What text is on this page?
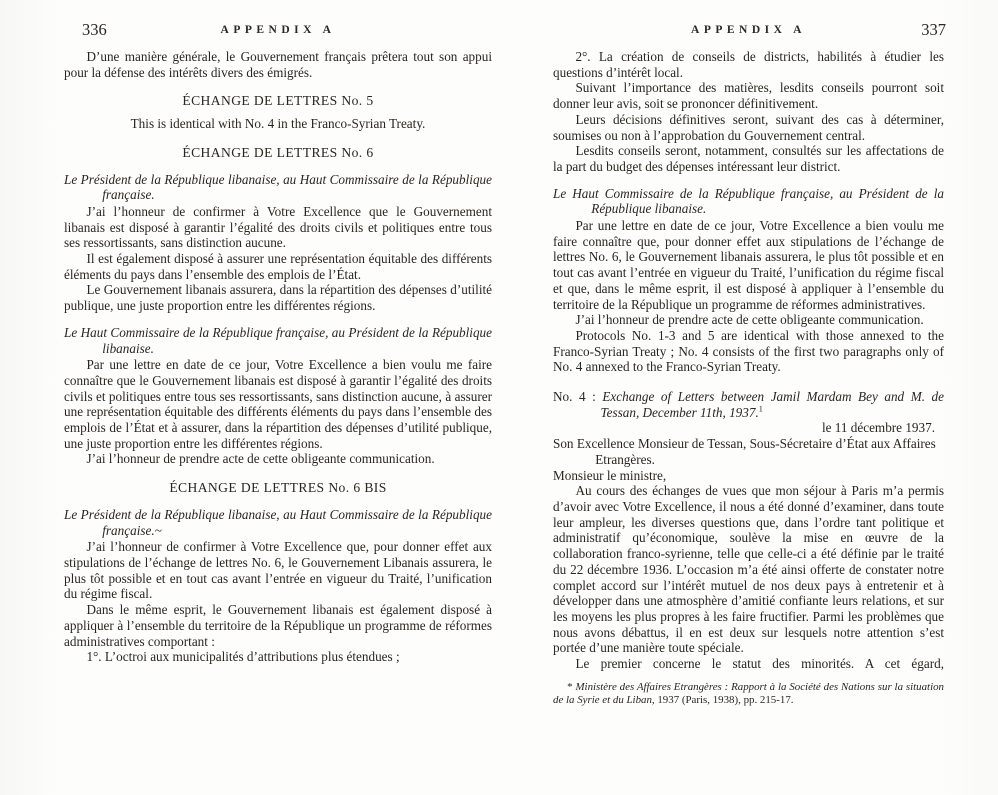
336	APPENDIX A
D’une manière générale, le Gouvernement français prêtera tout son appui pour la défense des intérêts divers des émigrés.
ÉCHANGE DE LETTRES No. 5
This is identical with No. 4 in the Franco-Syrian Treaty.
ÉCHANGE DE LETTRES No. 6
Le Président de la République libanaise, au Haut Commissaire de la République française.
J’ai l’honneur de confirmer à Votre Excellence que le Gouvernement libanais est disposé à garantir l’égalité des droits civils et politiques entre tous ses ressortissants, sans distinction aucune.
Il est également disposé à assurer une représentation équitable des différents éléments du pays dans l’ensemble des emplois de l’État.
Le Gouvernement libanais assurera, dans la répartition des dépenses d’utilité publique, une juste proportion entre les différentes régions.
Le Haut Commissaire de la République française, au Président de la République libanaise.
Par une lettre en date de ce jour, Votre Excellence a bien voulu me faire connaître que le Gouvernement libanais est disposé à garantir l’égalité des droits civils et politiques entre tous ses ressortissants, sans distinction aucune, à assurer une représentation équitable des différents éléments du pays dans l’ensemble des emplois de l’État et à assurer, dans la répartition des dépenses d’utilité publique, une juste proportion entre les différentes régions.
J’ai l’honneur de prendre acte de cette obligeante communication.
ÉCHANGE DE LETTRES No. 6 BIS
Le Président de la République libanaise, au Haut Commissaire de la République française.~
J’ai l’honneur de confirmer à Votre Excellence que, pour donner effet aux stipulations de l’échange de lettres No. 6, le Gouvernement Libanais assurera, le plus tôt possible et en tout cas avant l’entrée en vigueur du Traité, l’unification du régime fiscal.
Dans le même esprit, le Gouvernement libanais est également disposé à appliquer à l’ensemble du territoire de la République un programme de réformes administratives comportant :
1°. L’octroi aux municipalités d’attributions plus étendues ;
APPENDIX A	337
2°. La création de conseils de districts, habilités à étudier les questions d’intérêt local.
Suivant l’importance des matières, lesdits conseils pourront soit donner leur avis, soit se prononcer définitivement.
Leurs décisions définitives seront, suivant des cas à déterminer, soumises ou non à l’approbation du Gouvernement central.
Lesdits conseils seront, notamment, consultés sur les affectations de la part du budget des dépenses intéressant leur district.
Le Haut Commissaire de la République française, au Président de la République libanaise.
Par une lettre en date de ce jour, Votre Excellence a bien voulu me faire connaître que, pour donner effet aux stipulations de l’échange de lettres No. 6, le Gouvernement libanais assurera, le plus tôt possible et en tout cas avant l’entrée en vigueur du Traité, l’unification du régime fiscal et que, dans le même esprit, il est disposé à appliquer à l’ensemble du territoire de la République un programme de réformes administratives.
J’ai l’honneur de prendre acte de cette obligeante communication.
Protocols No. 1-3 and 5 are identical with those annexed to the Franco-Syrian Treaty ; No. 4 consists of the first two paragraphs only of No. 4 annexed to the Franco-Syrian Treaty.
No. 4 : Exchange of Letters between Jamil Mardam Bey and M. de Tessan, December 11th, 1937.$^1$
le 11 décembre 1937.
Son Excellence Monsieur de Tessan, Sous-Sécretaire d’État aux Affaires Etrangères.
Monsieur le ministre,
Au cours des échanges de vues que mon séjour à Paris m’a permis d’avoir avec Votre Excellence, il nous a été donné d’examiner, dans toute leur ampleur, les diverses questions que, dans l’ordre tant politique et administratif qu’économique, soulève la mise en œuvre de la collaboration franco-syrienne, telle que celle-ci a été définie par le traité du 22 décembre 1936. L’occasion m’a été ainsi offerte de constater notre complet accord sur l’intérêt mutuel de nos deux pays à entretenir et à développer dans une atmosphère d’amitié confiante leurs relations, et sur les moyens les plus propres à les faire fructifier. Parmi les problèmes que nous avons débattus, il en est deux sur lesquels notre attention s’est portée d’une manière toute spéciale.
Le premier concerne le statut des minorités. A cet égard,
* Ministère des Affaires Etrangères : Rapport à la Société des Nations sur la situation de la Syrie et du Liban, 1937 (Paris, 1938), pp. 215-17.
